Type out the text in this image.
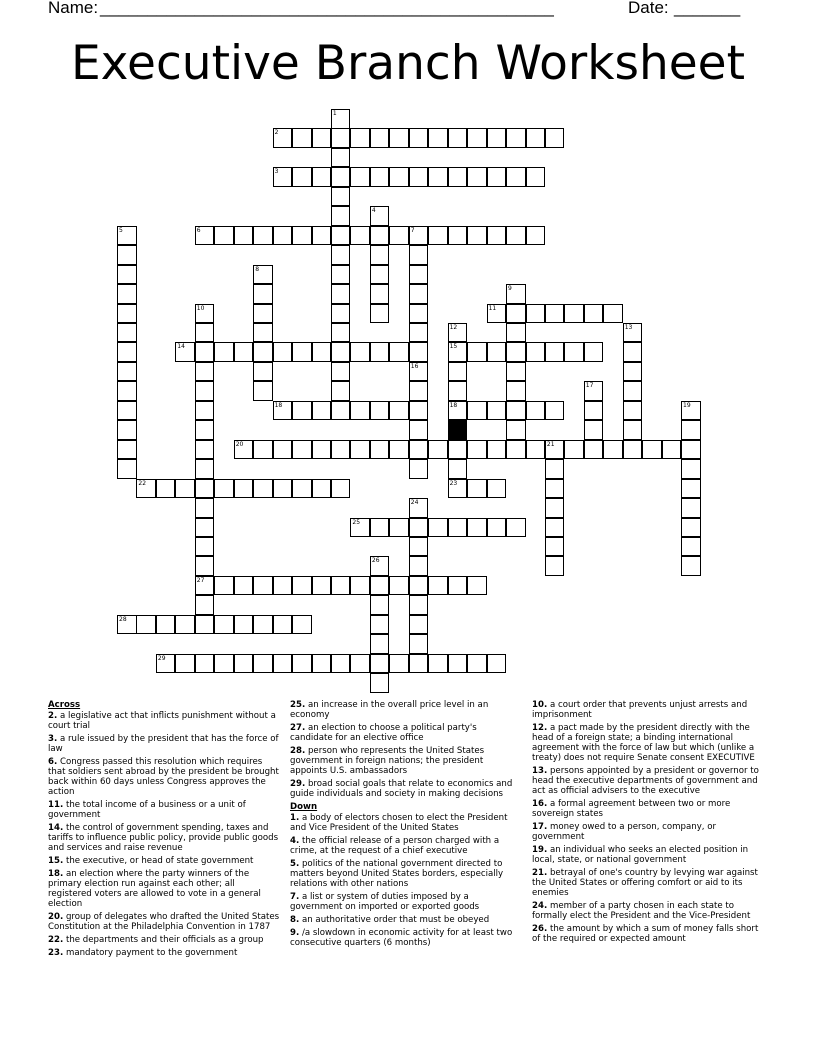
Name: ________________________________________________	Date: _______
Executive Branch Worksheet
1
2
3
4
5	6	7
16
8
9
10
27
11
12
15
18
23
13
14
17
18	19
20	21
22
24
25
26
28
29
Across
2. a legislative act that inflicts punishment without a court trial
3. a rule issued by the president that has the force of law
6. Congress passed this resolution which requires that soldiers sent abroad by the president be brought back within 60 days unless Congress approves the action
11. the total income of a business or a unit of government
14. the control of government spending, taxes and tariffs to influence public policy, provide public goods and services and raise revenue
15. the executive, or head of state government
18. an election where the party winners of the primary election run against each other; all registered voters are allowed to vote in a general election
20. group of delegates who drafted the United States Constitution at the Philadelphia Convention in 1787
22. the departments and their officials as a group
23. mandatory payment to the government
25. an increase in the overall price level in an economy
27. an election to choose a political party's candidate for an elective office
28. person who represents the United States government in foreign nations; the president appoints U.S. ambassadors
29. broad social goals that relate to economics and guide individuals and society in making decisions
Down
1. a body of electors chosen to elect the President and Vice President of the United States
4. the official release of a person charged with a crime, at the request of a chief executive
5. politics of the national government directed to matters beyond United States borders, especially relations with other nations
7. a list or system of duties imposed by a government on imported or exported goods
8. an authoritative order that must be obeyed
9. /a slowdown in economic activity for at least two consecutive quarters (6 months)
10. a court order that prevents unjust arrests and imprisonment
12. a pact made by the president directly with the head of a foreign state; a binding international agreement with the force of law but which (unlike a treaty) does not require Senate consent EXECUTIVE
13. persons appointed by a president or governor to head the executive departments of government and act as official advisers to the executive
16. a formal agreement between two or more sovereign states
17. money owed to a person, company, or government
19. an individual who seeks an elected position in local, state, or national government
21. betrayal of one's country by levying war against the United States or offering comfort or aid to its enemies
24. member of a party chosen in each state to formally elect the President and the Vice-President
26. the amount by which a sum of money falls short of the required or expected amount
